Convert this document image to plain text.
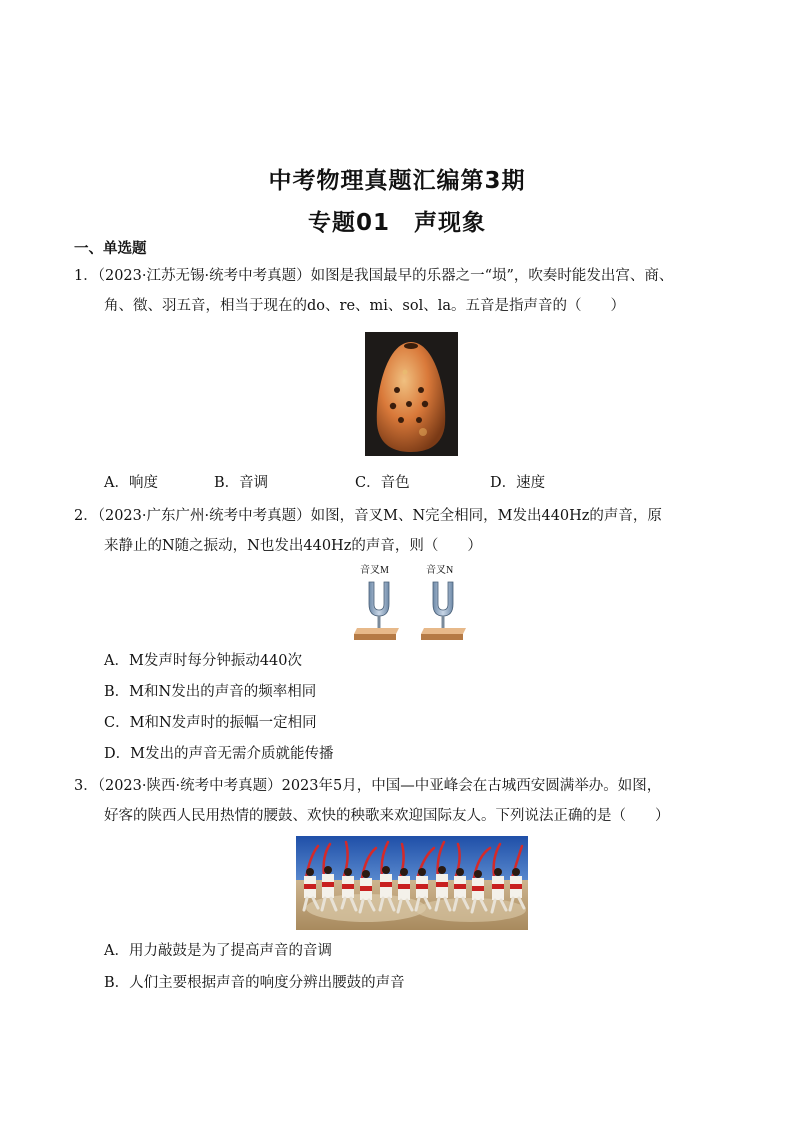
中考物理真题汇编第3期
专题01　声现象
一、单选题
1．（2023·江苏无锡·统考中考真题）如图是我国最早的乐器之一“埙”，吹奏时能发出宫、商、
角、徵、羽五音，相当于现在的do、re、mi、sol、la。五音是指声音的（　　）
A．响度	B．音调	C．音色	D．速度
2．（2023·广东广州·统考中考真题）如图，音叉M、N完全相同，M发出440Hz的声音，原
来静止的N随之振动，N也发出440Hz的声音，则（　　）
音叉M	音叉N
A．M发声时每分钟振动440次
B．M和N发出的声音的频率相同
C．M和N发声时的振幅一定相同
D．M发出的声音无需介质就能传播
3．（2023·陕西·统考中考真题）2023年5月，中国—中亚峰会在古城西安圆满举办。如图，
好客的陕西人民用热情的腰鼓、欢快的秧歌来欢迎国际友人。下列说法正确的是（　　）
A．用力敲鼓是为了提高声音的音调
B．人们主要根据声音的响度分辨出腰鼓的声音
